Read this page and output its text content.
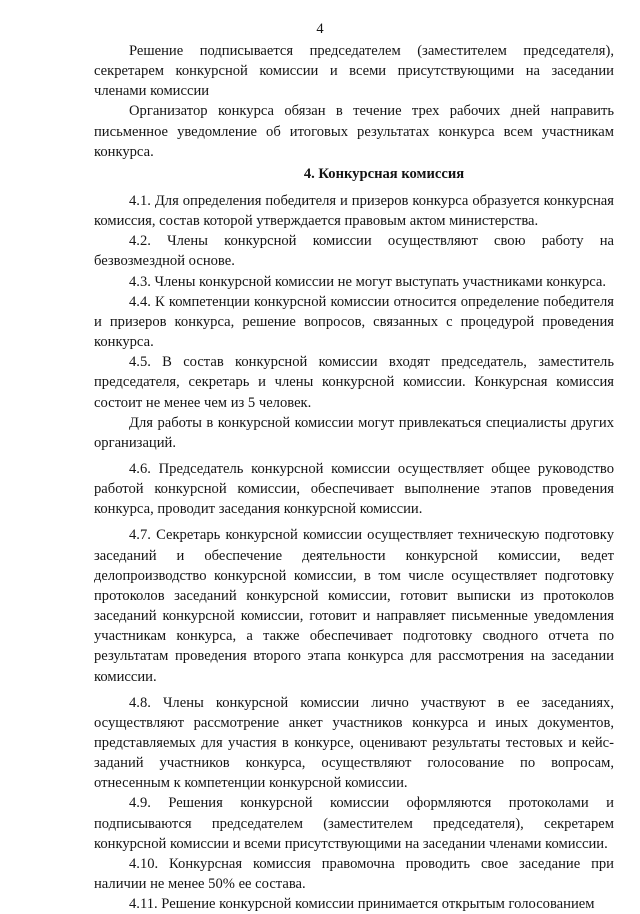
4

Решение подписывается председателем (заместителем председателя), секретарем конкурсной комиссии и всеми присутствующими на заседании членами комиссии

Организатор конкурса обязан в течение трех рабочих дней направить письменное уведомление об итоговых результатах конкурса всем участникам конкурса.

4. Конкурсная комиссия

4.1. Для определения победителя и призеров конкурса образуется конкурсная комиссия, состав которой утверждается правовым актом министерства.

4.2. Члены конкурсной комиссии осуществляют свою работу на безвозмездной основе.

4.3. Члены конкурсной комиссии не могут выступать участниками конкурса.

4.4. К компетенции конкурсной комиссии относится определение победителя и призеров конкурса, решение вопросов, связанных с процедурой проведения конкурса.

4.5. В состав конкурсной комиссии входят председатель, заместитель председателя, секретарь и члены конкурсной комиссии. Конкурсная комиссия состоит не менее чем из 5 человек.

Для работы в конкурсной комиссии могут привлекаться специалисты других организаций.

4.6. Председатель конкурсной комиссии осуществляет общее руководство работой конкурсной комиссии, обеспечивает выполнение этапов проведения конкурса, проводит заседания конкурсной комиссии.

4.7. Секретарь конкурсной комиссии осуществляет техническую подготовку заседаний и обеспечение деятельности конкурсной комиссии, ведет делопроизводство конкурсной комиссии, в том числе осуществляет подготовку протоколов заседаний конкурсной комиссии, готовит выписки из протоколов заседаний конкурсной комиссии, готовит и направляет письменные уведомления участникам конкурса, а также обеспечивает подготовку сводного отчета по результатам проведения второго этапа конкурса для рассмотрения на заседании комиссии.

4.8. Члены конкурсной комиссии лично участвуют в ее заседаниях, осуществляют рассмотрение анкет участников конкурса и иных документов, представляемых для участия в конкурсе, оценивают результаты тестовых и кейс-заданий участников конкурса, осуществляют голосование по вопросам, отнесенным к компетенции конкурсной комиссии.

4.9. Решения конкурсной комиссии оформляются протоколами и подписываются председателем (заместителем председателя), секретарем конкурсной комиссии и всеми присутствующими на заседании членами комиссии.

4.10. Конкурсная комиссия правомочна проводить свое заседание при наличии не менее 50% ее состава.

4.11. Решение конкурсной комиссии принимается открытым голосованием
